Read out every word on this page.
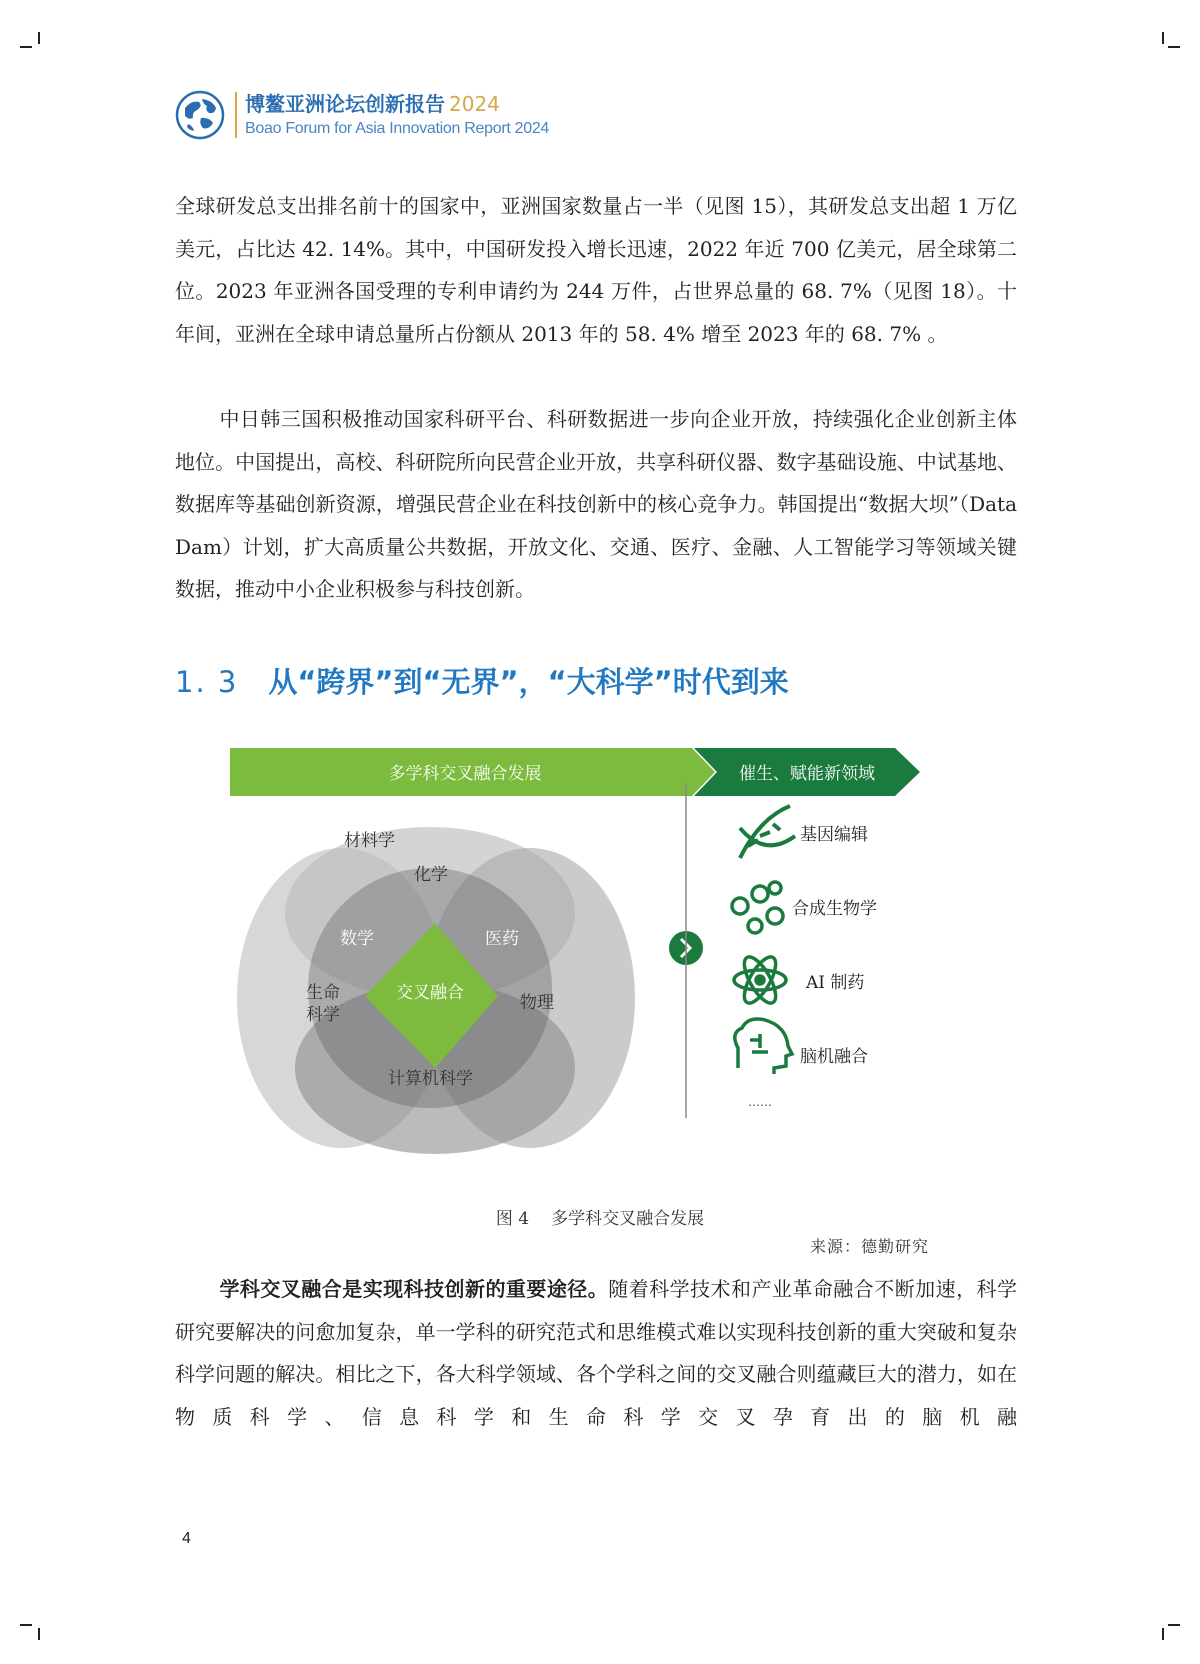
博鳌亚洲论坛创新报告 2024
Boao Forum for Asia Innovation Report 2024

全球研发总支出排名前十的国家中，亚洲国家数量占一半（见图 15），其研发总支出超 1 万亿美元，占比达 42. 14%。其中，中国研发投入增长迅速，2022 年近 700 亿美元，居全球第二位。2023 年亚洲各国受理的专利申请约为 244 万件，占世界总量的 68. 7%（见图 18）。十年间，亚洲在全球申请总量所占份额从 2013 年的 58. 4% 增至 2023 年的 68. 7% 。

中日韩三国积极推动国家科研平台、科研数据进一步向企业开放，持续强化企业创新主体地位。中国提出，高校、科研院所向民营企业开放，共享科研仪器、数字基础设施、中试基地、数据库等基础创新资源，增强民营企业在科技创新中的核心竞争力。韩国提出“数据大坝”（Data Dam）计划，扩大高质量公共数据，开放文化、交通、医疗、金融、人工智能学习等领域关键数据，推动中小企业积极参与科技创新。

1. 3 从“跨界”到“无界”，“大科学”时代到来
多学科交叉融合发展	催生、赋能新领域
材料学
化学
数学	医药
生命
科学
物理
计算机科学
交叉融合
基因编辑
合成生物学
AI 制药
脑机融合
……
图 4 多学科交叉融合发展
来源：德勤研究

学科交叉融合是实现科技创新的重要途径。随着科学技术和产业革命融合不断加速，科学研究要解决的问愈加复杂，单一学科的研究范式和思维模式难以实现科技创新的重大突破和复杂科学问题的解决。相比之下，各大科学领域、各个学科之间的交叉融合则蕴藏巨大的潜力，如在物质科学、信息科学和生命科学交叉孕育出的脑机融

4
